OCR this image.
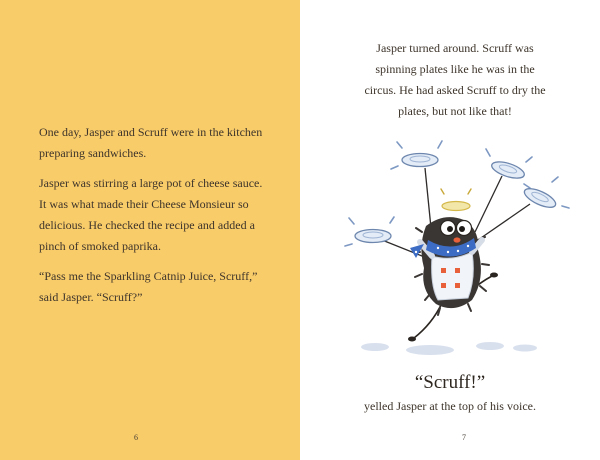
One day, Jasper and Scruff were in the kitchen preparing sandwiches.

Jasper was stirring a large pot of cheese sauce. It was what made their Cheese Monsieur so delicious. He checked the recipe and added a pinch of smoked paprika.

“Pass me the Sparkling Catnip Juice, Scruff,” said Jasper. “Scruff?”

6
Jasper turned around. Scruff was spinning plates like he was in the circus. He had asked Scruff to dry the plates, but not like that!
“Scruff!”
yelled Jasper at the top of his voice.
7
